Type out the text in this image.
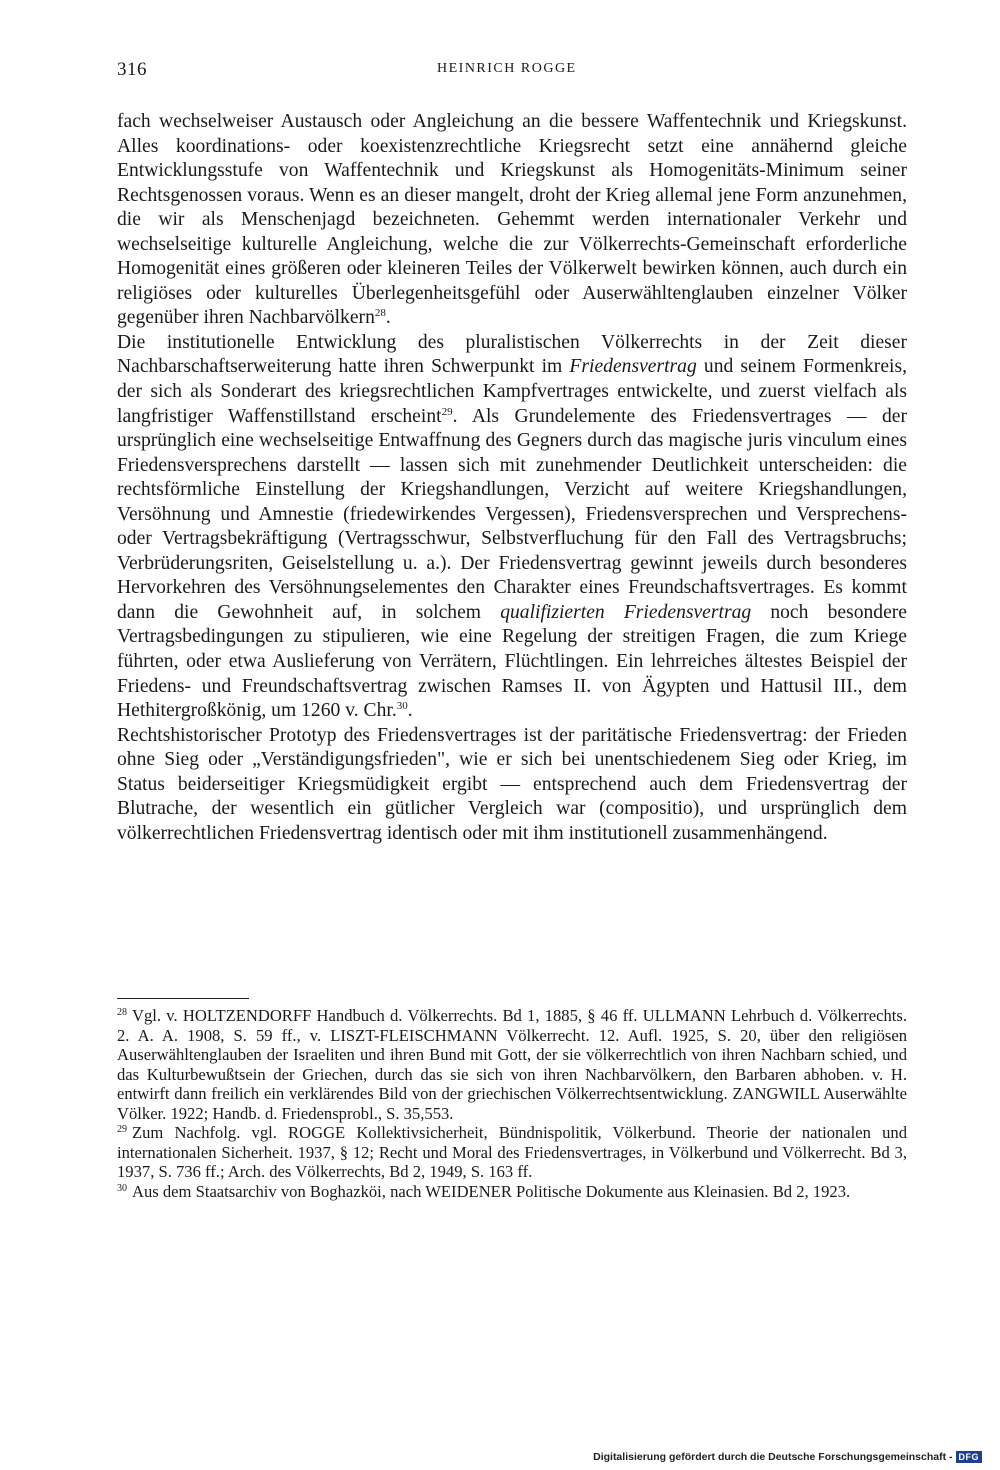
316	HEINRICH ROGGE

fach wechselweiser Austausch oder Angleichung an die bessere Waffentechnik und Kriegskunst. Alles koordinations- oder koexistenzrechtliche Kriegsrecht setzt eine annähernd gleiche Entwicklungsstufe von Waffentechnik und Kriegskunst als Homogenitäts-Minimum seiner Rechtsgenossen voraus. Wenn es an dieser mangelt, droht der Krieg allemal jene Form anzunehmen, die wir als Menschenjagd bezeichneten. Gehemmt werden internationaler Verkehr und wechselseitige kulturelle Angleichung, welche die zur Völkerrechts-Gemeinschaft erforderliche Homogenität eines größeren oder kleineren Teiles der Völkerwelt bewirken können, auch durch ein religiöses oder kulturelles Überlegenheitsgefühl oder Auserwähltenglauben einzelner Völker gegenüber ihren Nachbarvölkern$^{28}$.

Die institutionelle Entwicklung des pluralistischen Völkerrechts in der Zeit dieser Nachbarschaftserweiterung hatte ihren Schwerpunkt im Friedensvertrag und seinem Formenkreis, der sich als Sonderart des kriegsrechtlichen Kampfvertrages entwickelte, und zuerst vielfach als langfristiger Waffenstillstand erscheint$^{29}$. Als Grundelemente des Friedensvertrages — der ursprünglich eine wechselseitige Entwaffnung des Gegners durch das magische juris vinculum eines Friedensversprechens darstellt — lassen sich mit zunehmender Deutlichkeit unterscheiden: die rechtsförmliche Einstellung der Kriegshandlungen, Verzicht auf weitere Kriegshandlungen, Versöhnung und Amnestie (friedewirkendes Vergessen), Friedensversprechen und Versprechens- oder Vertragsbekräftigung (Vertragsschwur, Selbstverfluchung für den Fall des Vertragsbruchs; Verbrüderungsriten, Geiselstellung u. a.). Der Friedensvertrag gewinnt jeweils durch besonderes Hervorkehren des Versöhnungselementes den Charakter eines Freundschaftsvertrages. Es kommt dann die Gewohnheit auf, in solchem qualifizierten Friedensvertrag noch besondere Vertragsbedingungen zu stipulieren, wie eine Regelung der streitigen Fragen, die zum Kriege führten, oder etwa Auslieferung von Verrätern, Flüchtlingen. Ein lehrreiches ältestes Beispiel der Friedens- und Freundschaftsvertrag zwischen Ramses II. von Ägypten und Hattusil III., dem Hethitergroßkönig, um 1260 v. Chr.$^{30}$.

Rechtshistorischer Prototyp des Friedensvertrages ist der paritätische Friedensvertrag: der Frieden ohne Sieg oder „Verständigungsfrieden", wie er sich bei unentschiedenem Sieg oder Krieg, im Status beiderseitiger Kriegsmüdigkeit ergibt — entsprechend auch dem Friedensvertrag der Blutrache, der wesentlich ein gütlicher Vergleich war (compositio), und ursprünglich dem völkerrechtlichen Friedensvertrag identisch oder mit ihm institutionell zusammenhängend.

$^{28}$ Vgl. v. HOLTZENDORFF Handbuch d. Völkerrechts. Bd 1, 1885, § 46 ff. ULLMANN Lehrbuch d. Völkerrechts. 2. A. A. 1908, S. 59 ff., v. LISZT-FLEISCHMANN Völkerrecht. 12. Aufl. 1925, S. 20, über den religiösen Auserwähltenglauben der Israeliten und ihren Bund mit Gott, der sie völkerrechtlich von ihren Nachbarn schied, und das Kulturbewußtsein der Griechen, durch das sie sich von ihren Nachbarvölkern, den Barbaren abhoben. v. H. entwirft dann freilich ein verklärendes Bild von der griechischen Völkerrechtsentwicklung. ZANGWILL Auserwählte Völker. 1922; Handb. d. Friedensprobl., S. 35,553.

$^{29}$ Zum Nachfolg. vgl. ROGGE Kollektivsicherheit, Bündnispolitik, Völkerbund. Theorie der nationalen und internationalen Sicherheit. 1937, § 12; Recht und Moral des Friedensvertrages, in Völkerbund und Völkerrecht. Bd 3, 1937, S. 736 ff.; Arch. des Völkerrechts, Bd 2, 1949, S. 163 ff.

$^{30}$ Aus dem Staatsarchiv von Boghazköi, nach WEIDENER Politische Dokumente aus Kleinasien. Bd 2, 1923.

Digitalisierung gefördert durch die Deutsche Forschungsgemeinschaft - DFG
